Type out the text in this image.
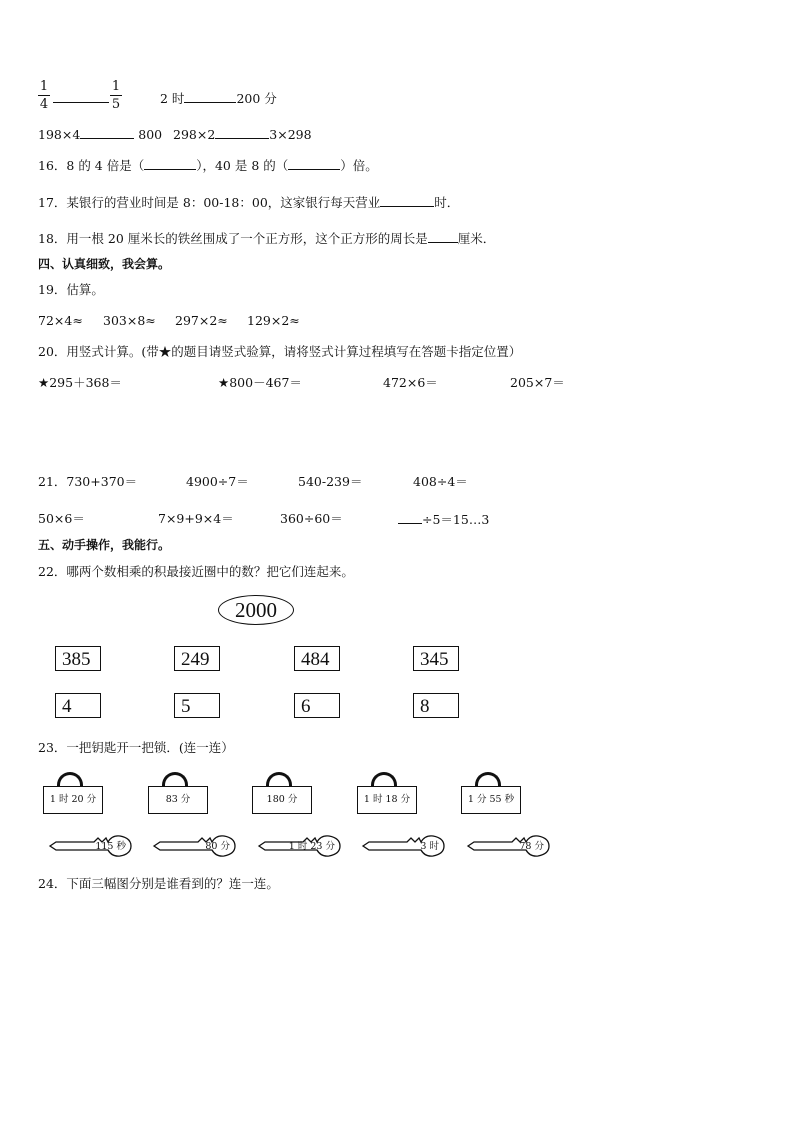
1
4
1
5	2 时	200 分
198×4	800 298×2	3×298
16．8 的 4 倍是（	），40 是 8 的（	）倍。
17．某银行的营业时间是 8：00-18：00，这家银行每天营业	时．
18．用一根 20 厘米长的铁丝围成了一个正方形，这个正方形的周长是 厘米．
四、认真细致，我会算。
19．估算。
72×4≈ 303×8≈ 297×2≈ 129×2≈
20．用竖式计算。(带★的题目请竖式验算，请将竖式计算过程填写在答题卡指定位置）
★295＋368＝	★800－467＝	472×6＝	205×7＝
21．730+370＝	4900÷7＝	540-239＝	408÷4＝
50×6＝	7×9+9×4＝	360÷60＝	÷5＝15…3
五、动手操作，我能行。
22．哪两个数相乘的积最接近圈中的数？把它们连起来。
2000
385	249	484	345
4	5	6	8
23．一把钥匙开一把锁．(连一连）
1 时 20 分	83 分	180 分	1 时 18 分	1 分 55 秒
115 秒	80 分	1 时 23 分	3 时	78 分
24．下面三幅图分别是谁看到的？连一连。
